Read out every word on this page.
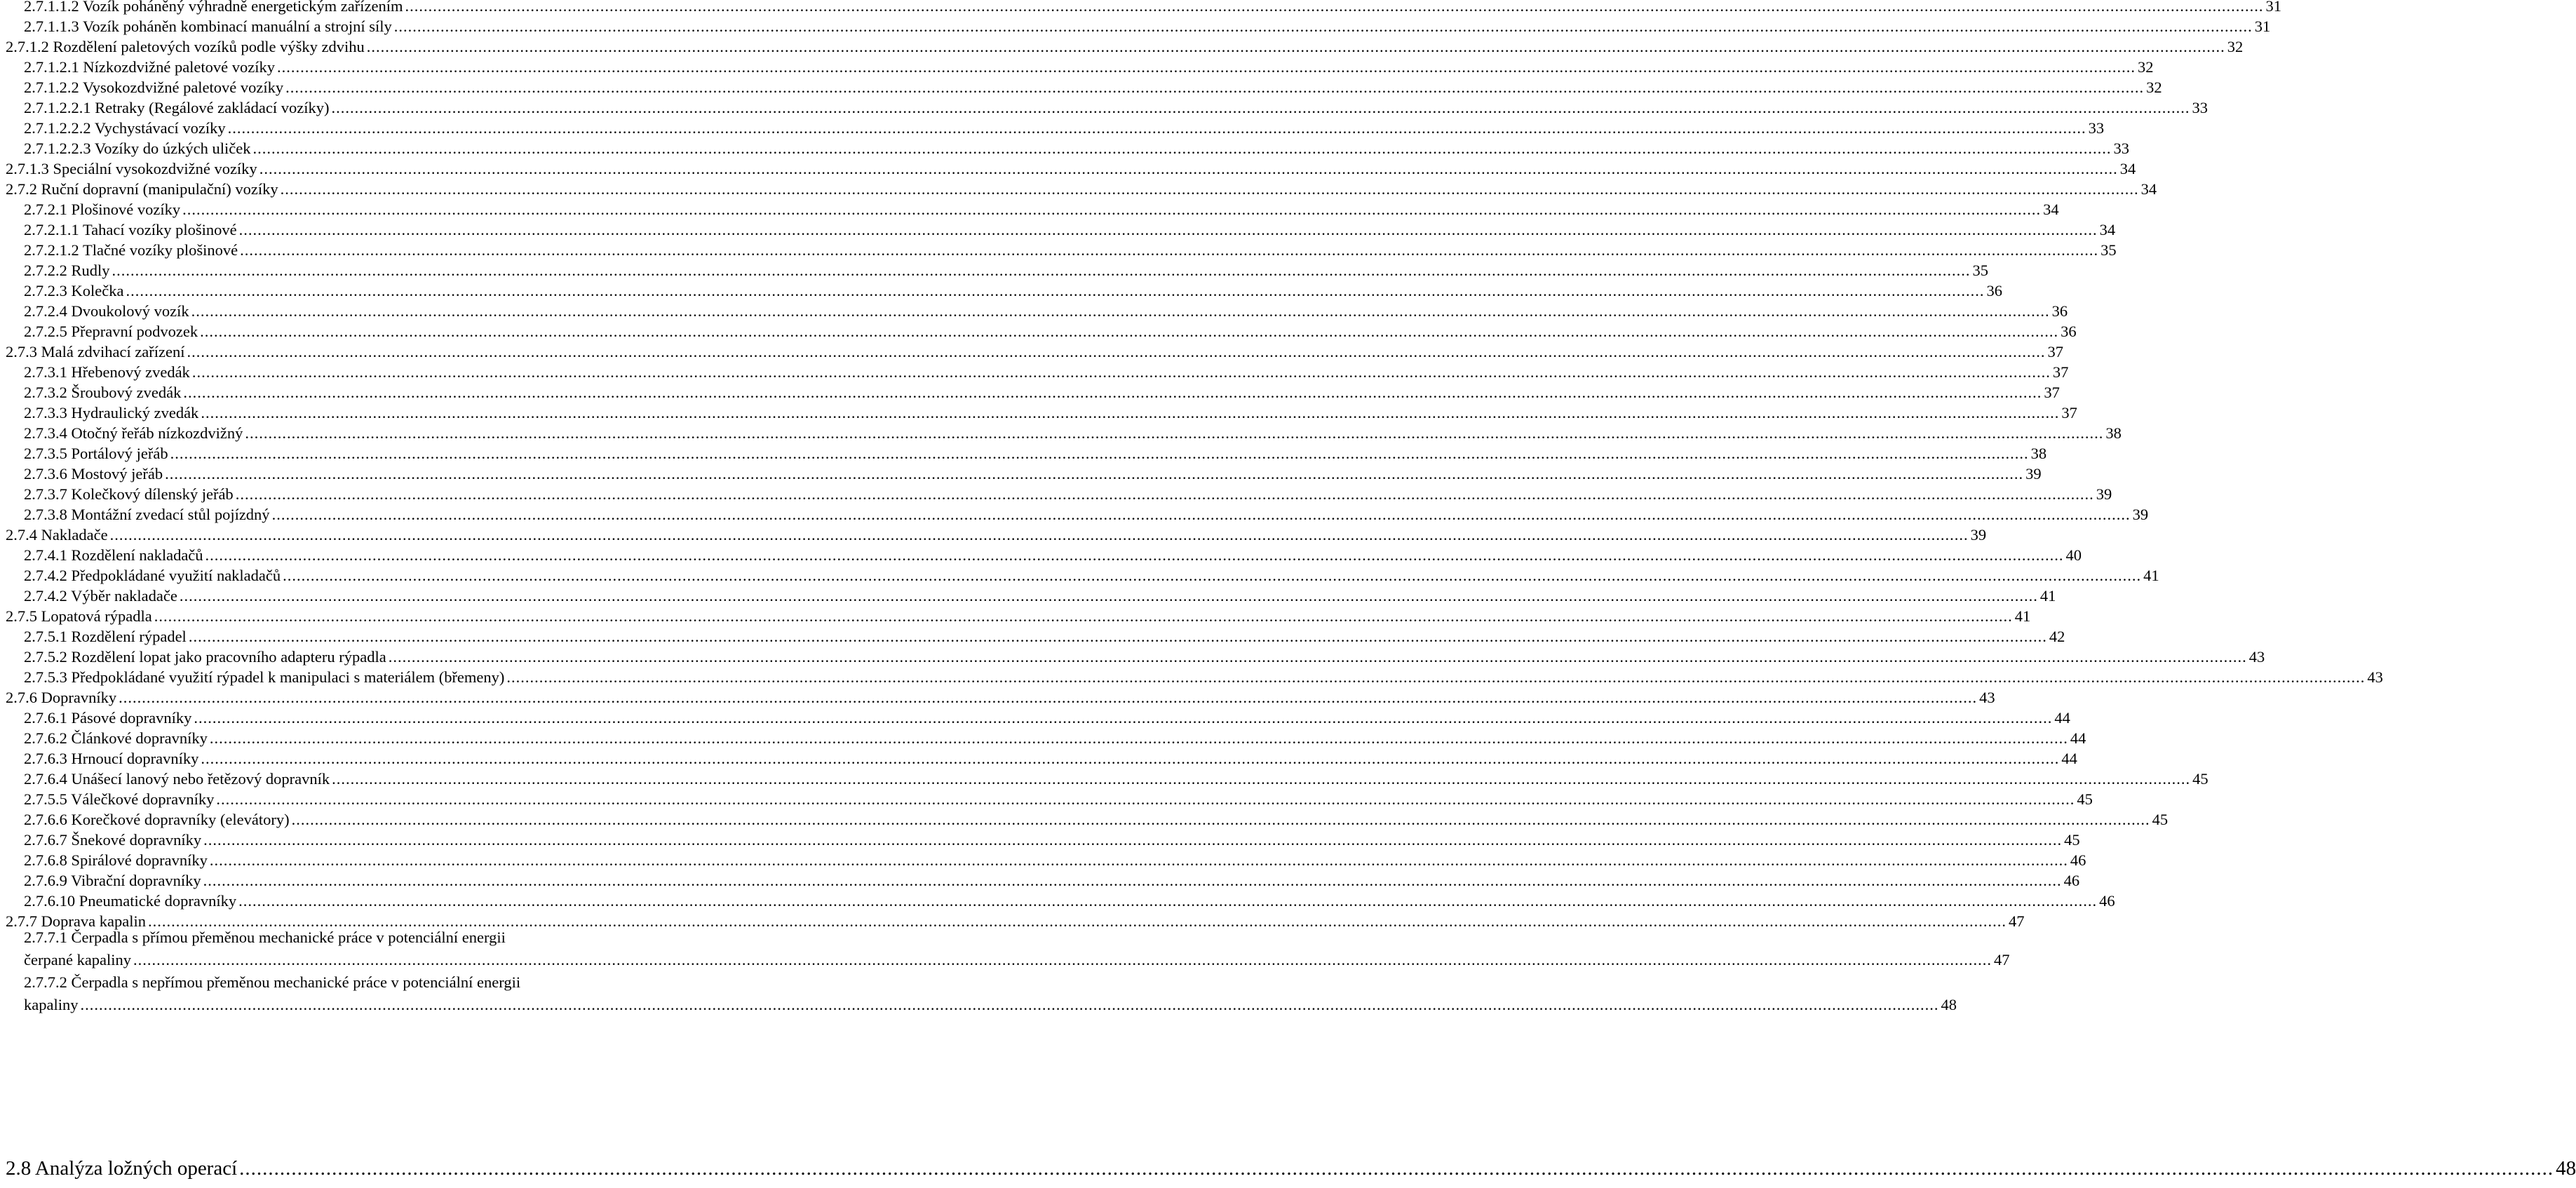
2.7.1.1.2 Vozík poháněný výhradně energetickým zařízením ................................................................................................................................................................................................................................................................................................................................................................................................................ 31
2.7.1.1.3 Vozík poháněn kombinací manuální a strojní síly ................................................................................................................................................................................................................................................................................................................................................................................................................ 31
2.7.1.2 Rozdělení paletových vozíků podle výšky zdvihu ................................................................................................................................................................................................................................................................................................................................................................................................................ 32
2.7.1.2.1 Nízkozdvižné paletové vozíky ................................................................................................................................................................................................................................................................................................................................................................................................................ 32
2.7.1.2.2 Vysokozdvižné paletové vozíky ................................................................................................................................................................................................................................................................................................................................................................................................................ 32
2.7.1.2.2.1 Retraky (Regálové zakládací vozíky) ................................................................................................................................................................................................................................................................................................................................................................................................................ 33
2.7.1.2.2.2 Vychystávací vozíky ................................................................................................................................................................................................................................................................................................................................................................................................................ 33
2.7.1.2.2.3 Vozíky do úzkých uliček ................................................................................................................................................................................................................................................................................................................................................................................................................ 33
2.7.1.3 Speciální vysokozdvižné vozíky ................................................................................................................................................................................................................................................................................................................................................................................................................ 34
2.7.2 Ruční dopravní (manipulační) vozíky ................................................................................................................................................................................................................................................................................................................................................................................................................ 34
2.7.2.1 Plošinové vozíky ................................................................................................................................................................................................................................................................................................................................................................................................................ 34
2.7.2.1.1 Tahací vozíky plošinové ................................................................................................................................................................................................................................................................................................................................................................................................................ 34
2.7.2.1.2 Tlačné vozíky plošinové ................................................................................................................................................................................................................................................................................................................................................................................................................ 35
2.7.2.2 Rudly ................................................................................................................................................................................................................................................................................................................................................................................................................ 35
2.7.2.3 Kolečka ................................................................................................................................................................................................................................................................................................................................................................................................................ 36
2.7.2.4 Dvoukolový vozík ................................................................................................................................................................................................................................................................................................................................................................................................................ 36
2.7.2.5 Přepravní podvozek ................................................................................................................................................................................................................................................................................................................................................................................................................ 36
2.7.3 Malá zdvihací zařízení ................................................................................................................................................................................................................................................................................................................................................................................................................ 37
2.7.3.1 Hřebenový zvedák ................................................................................................................................................................................................................................................................................................................................................................................................................ 37
2.7.3.2 Šroubový zvedák ................................................................................................................................................................................................................................................................................................................................................................................................................ 37
2.7.3.3 Hydraulický zvedák ................................................................................................................................................................................................................................................................................................................................................................................................................ 37
2.7.3.4 Otočný řeřáb nízkozdvižný ................................................................................................................................................................................................................................................................................................................................................................................................................ 38
2.7.3.5 Portálový jeřáb ................................................................................................................................................................................................................................................................................................................................................................................................................ 38
2.7.3.6 Mostový jeřáb ................................................................................................................................................................................................................................................................................................................................................................................................................ 39
2.7.3.7 Kolečkový dílenský jeřáb ................................................................................................................................................................................................................................................................................................................................................................................................................ 39
2.7.3.8 Montážní zvedací stůl pojízdný ................................................................................................................................................................................................................................................................................................................................................................................................................ 39
2.7.4 Nakladače ................................................................................................................................................................................................................................................................................................................................................................................................................ 39
2.7.4.1 Rozdělení nakladačů ................................................................................................................................................................................................................................................................................................................................................................................................................ 40
2.7.4.2 Předpokládané využití nakladačů ................................................................................................................................................................................................................................................................................................................................................................................................................ 41
2.7.4.2 Výběr nakladače ................................................................................................................................................................................................................................................................................................................................................................................................................ 41
2.7.5 Lopatová rýpadla ................................................................................................................................................................................................................................................................................................................................................................................................................ 41
2.7.5.1 Rozdělení rýpadel ................................................................................................................................................................................................................................................................................................................................................................................................................ 42
2.7.5.2 Rozdělení lopat jako pracovního adapteru rýpadla ................................................................................................................................................................................................................................................................................................................................................................................................................ 43
2.7.5.3 Předpokládané využití rýpadel k manipulaci s materiálem (břemeny) ................................................................................................................................................................................................................................................................................................................................................................................................................ 43
2.7.6 Dopravníky ................................................................................................................................................................................................................................................................................................................................................................................................................ 43
2.7.6.1 Pásové dopravníky ................................................................................................................................................................................................................................................................................................................................................................................................................ 44
2.7.6.2 Článkové dopravníky ................................................................................................................................................................................................................................................................................................................................................................................................................ 44
2.7.6.3 Hrnoucí dopravníky ................................................................................................................................................................................................................................................................................................................................................................................................................ 44
2.7.6.4 Unášecí lanový nebo řetězový dopravník ................................................................................................................................................................................................................................................................................................................................................................................................................ 45
2.7.5.5 Válečkové dopravníky ................................................................................................................................................................................................................................................................................................................................................................................................................ 45
2.7.6.6 Korečkové dopravníky (elevátory) ................................................................................................................................................................................................................................................................................................................................................................................................................ 45
2.7.6.7 Šnekové dopravníky ................................................................................................................................................................................................................................................................................................................................................................................................................ 45
2.7.6.8 Spirálové dopravníky ................................................................................................................................................................................................................................................................................................................................................................................................................ 46
2.7.6.9 Vibrační dopravníky ................................................................................................................................................................................................................................................................................................................................................................................................................ 46
2.7.6.10 Pneumatické dopravníky ................................................................................................................................................................................................................................................................................................................................................................................................................ 46
2.7.7 Doprava kapalin ................................................................................................................................................................................................................................................................................................................................................................................................................ 47
2.7.7.1 Čerpadla s přímou přeměnou mechanické práce v potenciální energii
čerpané kapaliny ................................................................................................................................................................................................................................................................................................................................................................................................................ 47
2.7.7.2 Čerpadla s nepřímou přeměnou mechanické práce v potenciální energii
kapaliny ................................................................................................................................................................................................................................................................................................................................................................................................................ 48
2.8 Analýza ložných operací ................................................................................................................................................................................................................................................................................................................................................................................................................ 48
